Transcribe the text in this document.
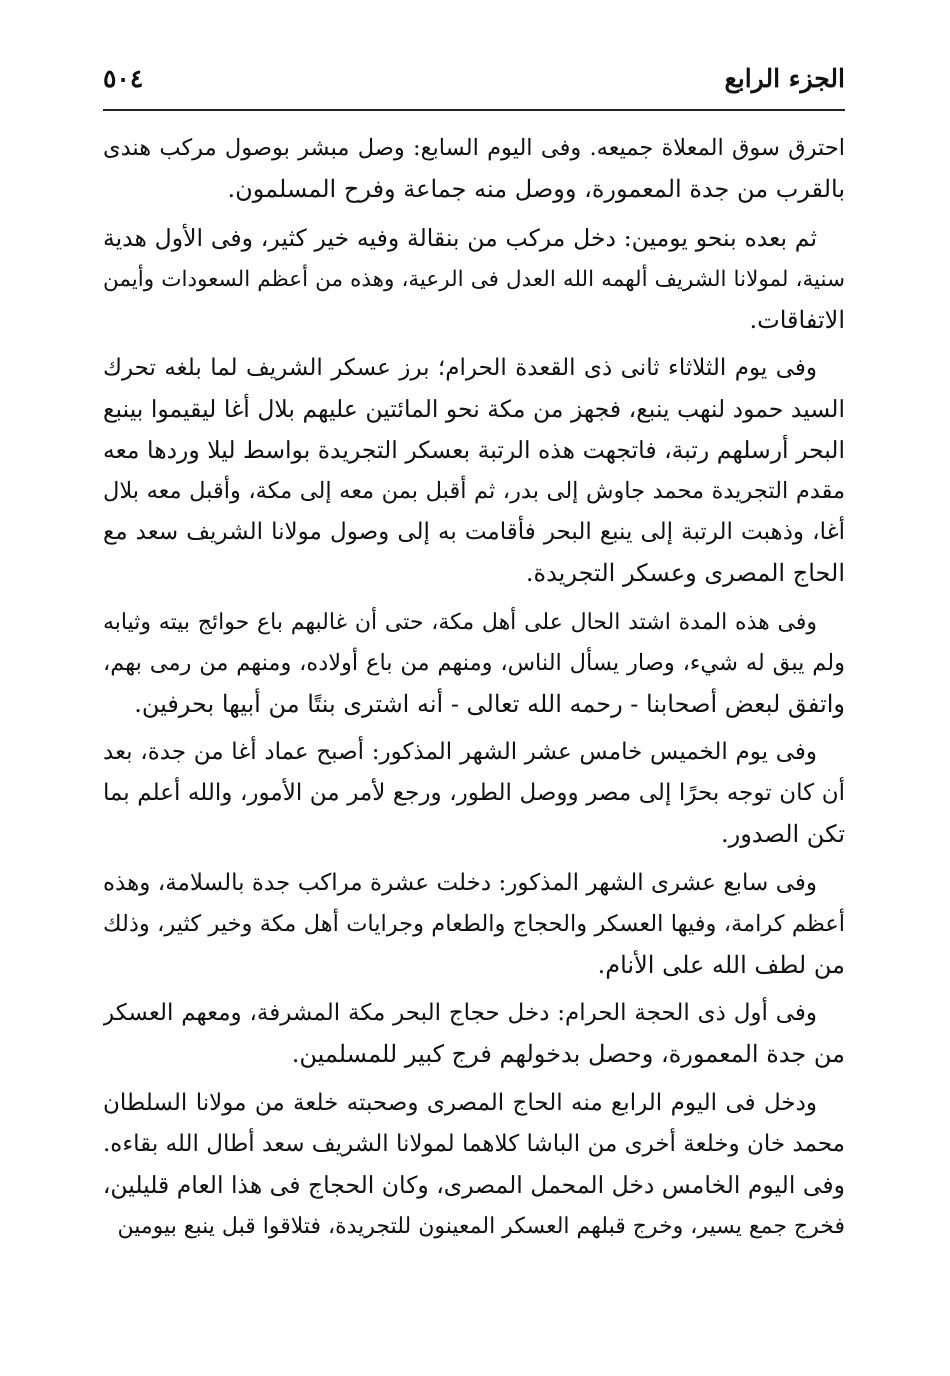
الجزء الرابع
٥٠٤
احترق سوق المعلاة جميعه. وفى اليوم السابع: وصل مبشر بوصول مركب هندى
بالقرب من جدة المعمورة، ووصل منه جماعة وفرح المسلمون.
ثم بعده بنحو يومين: دخل مركب من بنقالة وفيه خير كثير، وفى الأول هدية
سنية، لمولانا الشريف ألهمه الله العدل فى الرعية، وهذه من أعظم السعودات وأيمن
الاتفاقات.
وفى يوم الثلاثاء ثانى ذى القعدة الحرام؛ برز عسكر الشريف لما بلغه تحرك
السيد حمود لنهب ينبع، فجهز من مكة نحو المائتين عليهم بلال أغا ليقيموا بينبع
البحر أرسلهم رتبة، فاتجهت هذه الرتبة بعسكر التجريدة بواسط ليلا وردها معه
مقدم التجريدة محمد جاوش إلى بدر، ثم أقبل بمن معه إلى مكة، وأقبل معه بلال
أغا، وذهبت الرتبة إلى ينبع البحر فأقامت به إلى وصول مولانا الشريف سعد مع
الحاج المصرى وعسكر التجريدة.
وفى هذه المدة اشتد الحال على أهل مكة، حتى أن غالبهم باع حوائج بيته وثيابه
ولم يبق له شيء، وصار يسأل الناس، ومنهم من باع أولاده، ومنهم من رمى بهم،
واتفق لبعض أصحابنا - رحمه الله تعالى - أنه اشترى بنتًا من أبيها بحرفين.
وفى يوم الخميس خامس عشر الشهر المذكور: أصبح عماد أغا من جدة، بعد
أن كان توجه بحرًا إلى مصر ووصل الطور، ورجع لأمر من الأمور، والله أعلم بما
تكن الصدور.
وفى سابع عشرى الشهر المذكور: دخلت عشرة مراكب جدة بالسلامة، وهذه
أعظم كرامة، وفيها العسكر والحجاج والطعام وجرايات أهل مكة وخير كثير، وذلك
من لطف الله على الأنام.
وفى أول ذى الحجة الحرام: دخل حجاج البحر مكة المشرفة، ومعهم العسكر
من جدة المعمورة، وحصل بدخولهم فرج كبير للمسلمين.
ودخل فى اليوم الرابع منه الحاج المصرى وصحبته خلعة من مولانا السلطان
محمد خان وخلعة أخرى من الباشا كلاهما لمولانا الشريف سعد أطال الله بقاءه.
وفى اليوم الخامس دخل المحمل المصرى، وكان الحجاج فى هذا العام قليلين،
فخرج جمع يسير، وخرج قبلهم العسكر المعينون للتجريدة، فتلاقوا قبل ينبع بيومين
